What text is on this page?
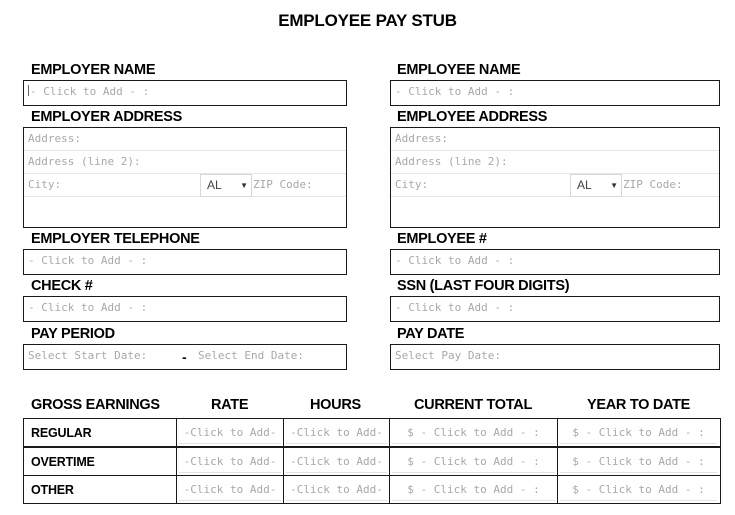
EMPLOYEE PAY STUB
EMPLOYER NAME
- Click to Add - :
EMPLOYER ADDRESS
Address:
Address (line 2):
City:	AL ▼ ZIP Code:
EMPLOYER TELEPHONE
- Click to Add - :
CHECK #
- Click to Add - :
PAY PERIOD
Select Start Date:	-	Select End Date:
EMPLOYEE NAME
- Click to Add - :
EMPLOYEE ADDRESS
Address:
Address (line 2):
City:	AL ▼ ZIP Code:
EMPLOYEE #
- Click to Add - :
SSN (LAST FOUR DIGITS)
- Click to Add - :
PAY DATE
Select Pay Date:
GROSS EARNINGS	RATE	HOURS	CURRENT TOTAL	YEAR TO DATE
REGULAR	-Click to Add-	-Click to Add-	$ - Click to Add - :	$ - Click to Add - :
OVERTIME	-Click to Add-	-Click to Add-	$ - Click to Add - :	$ - Click to Add - :
OTHER	-Click to Add-	-Click to Add-	$ - Click to Add - :	$ - Click to Add - :
